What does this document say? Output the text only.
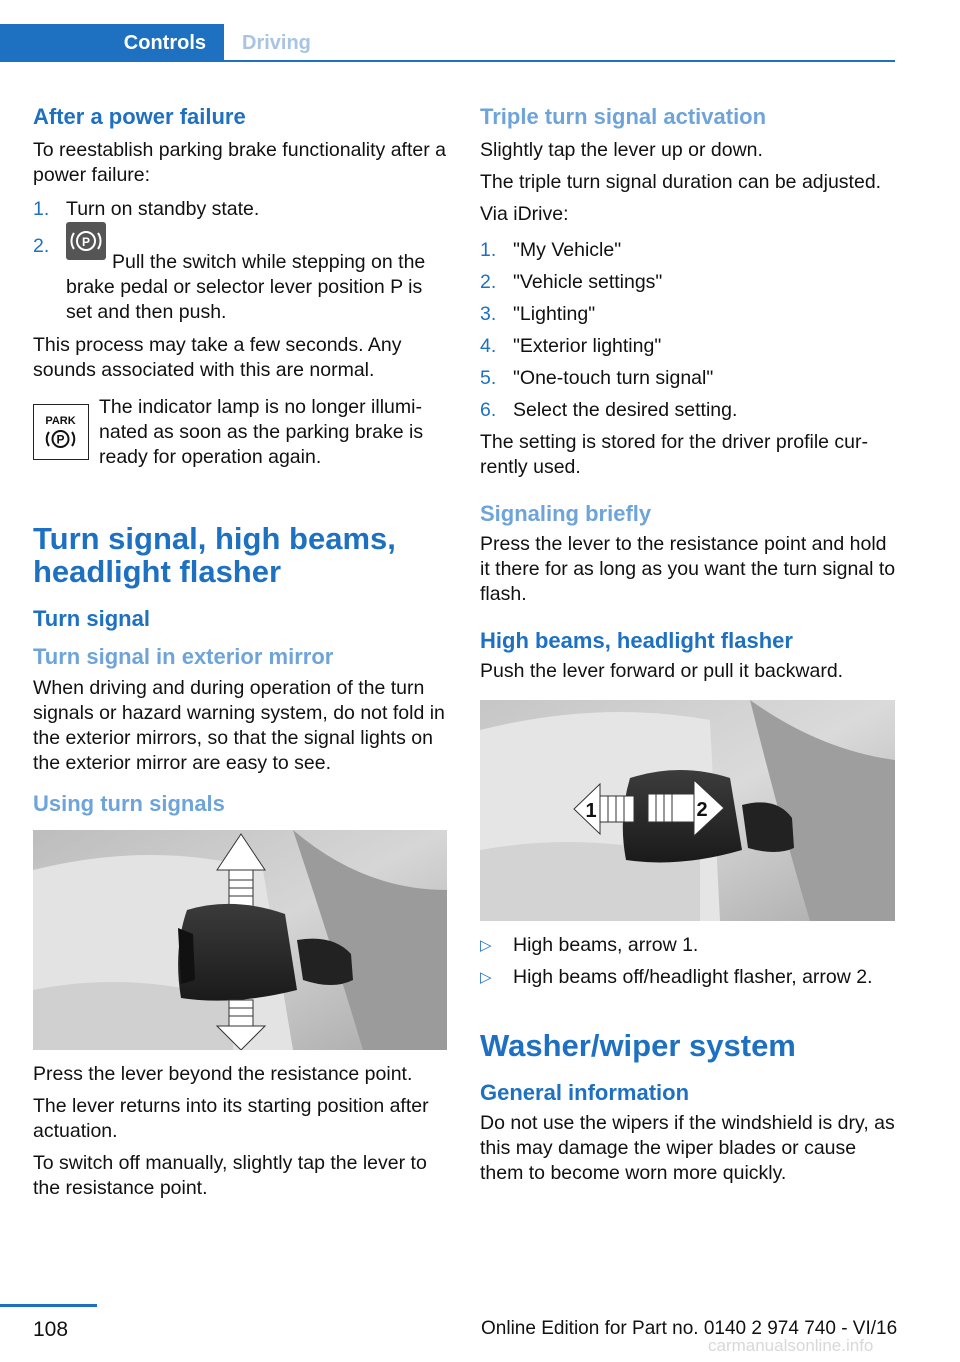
Controls	Driving
After a power failure
To reestablish parking brake functionality after a power failure:
1. Turn on standby state.
2.	P
Pull the switch while stepping on the brake pedal or selector lever position P is set and then push.
This process may take a few seconds. Any sounds associated with this are normal.
PARK
P
The indicator lamp is no longer illuminated as soon as the parking brake is ready for operation again.
Turn signal, high beams, headlight flasher
Turn signal
Turn signal in exterior mirror
When driving and during operation of the turn signals or hazard warning system, do not fold in the exterior mirrors, so that the signal lights on the exterior mirror are easy to see.
Using turn signals
Press the lever beyond the resistance point.
The lever returns into its starting position after actuation.
To switch off manually, slightly tap the lever to the resistance point.
Triple turn signal activation
Slightly tap the lever up or down.
The triple turn signal duration can be adjusted.
Via iDrive:
1. "My Vehicle"
2. "Vehicle settings"
3. "Lighting"
4. "Exterior lighting"
5. "One-touch turn signal"
6. Select the desired setting.
The setting is stored for the driver profile currently used.
Signaling briefly
Press the lever to the resistance point and hold it there for as long as you want the turn signal to flash.
High beams, headlight flasher
Push the lever forward or pull it backward.
1	2
▷ High beams, arrow 1.
▷ High beams off/headlight flasher, arrow 2.
Washer/wiper system
General information
Do not use the wipers if the windshield is dry, as this may damage the wiper blades or cause them to become worn more quickly.
108	Online Edition for Part no. 0140 2 974 740 - VI/16
carmanualsonline.info
